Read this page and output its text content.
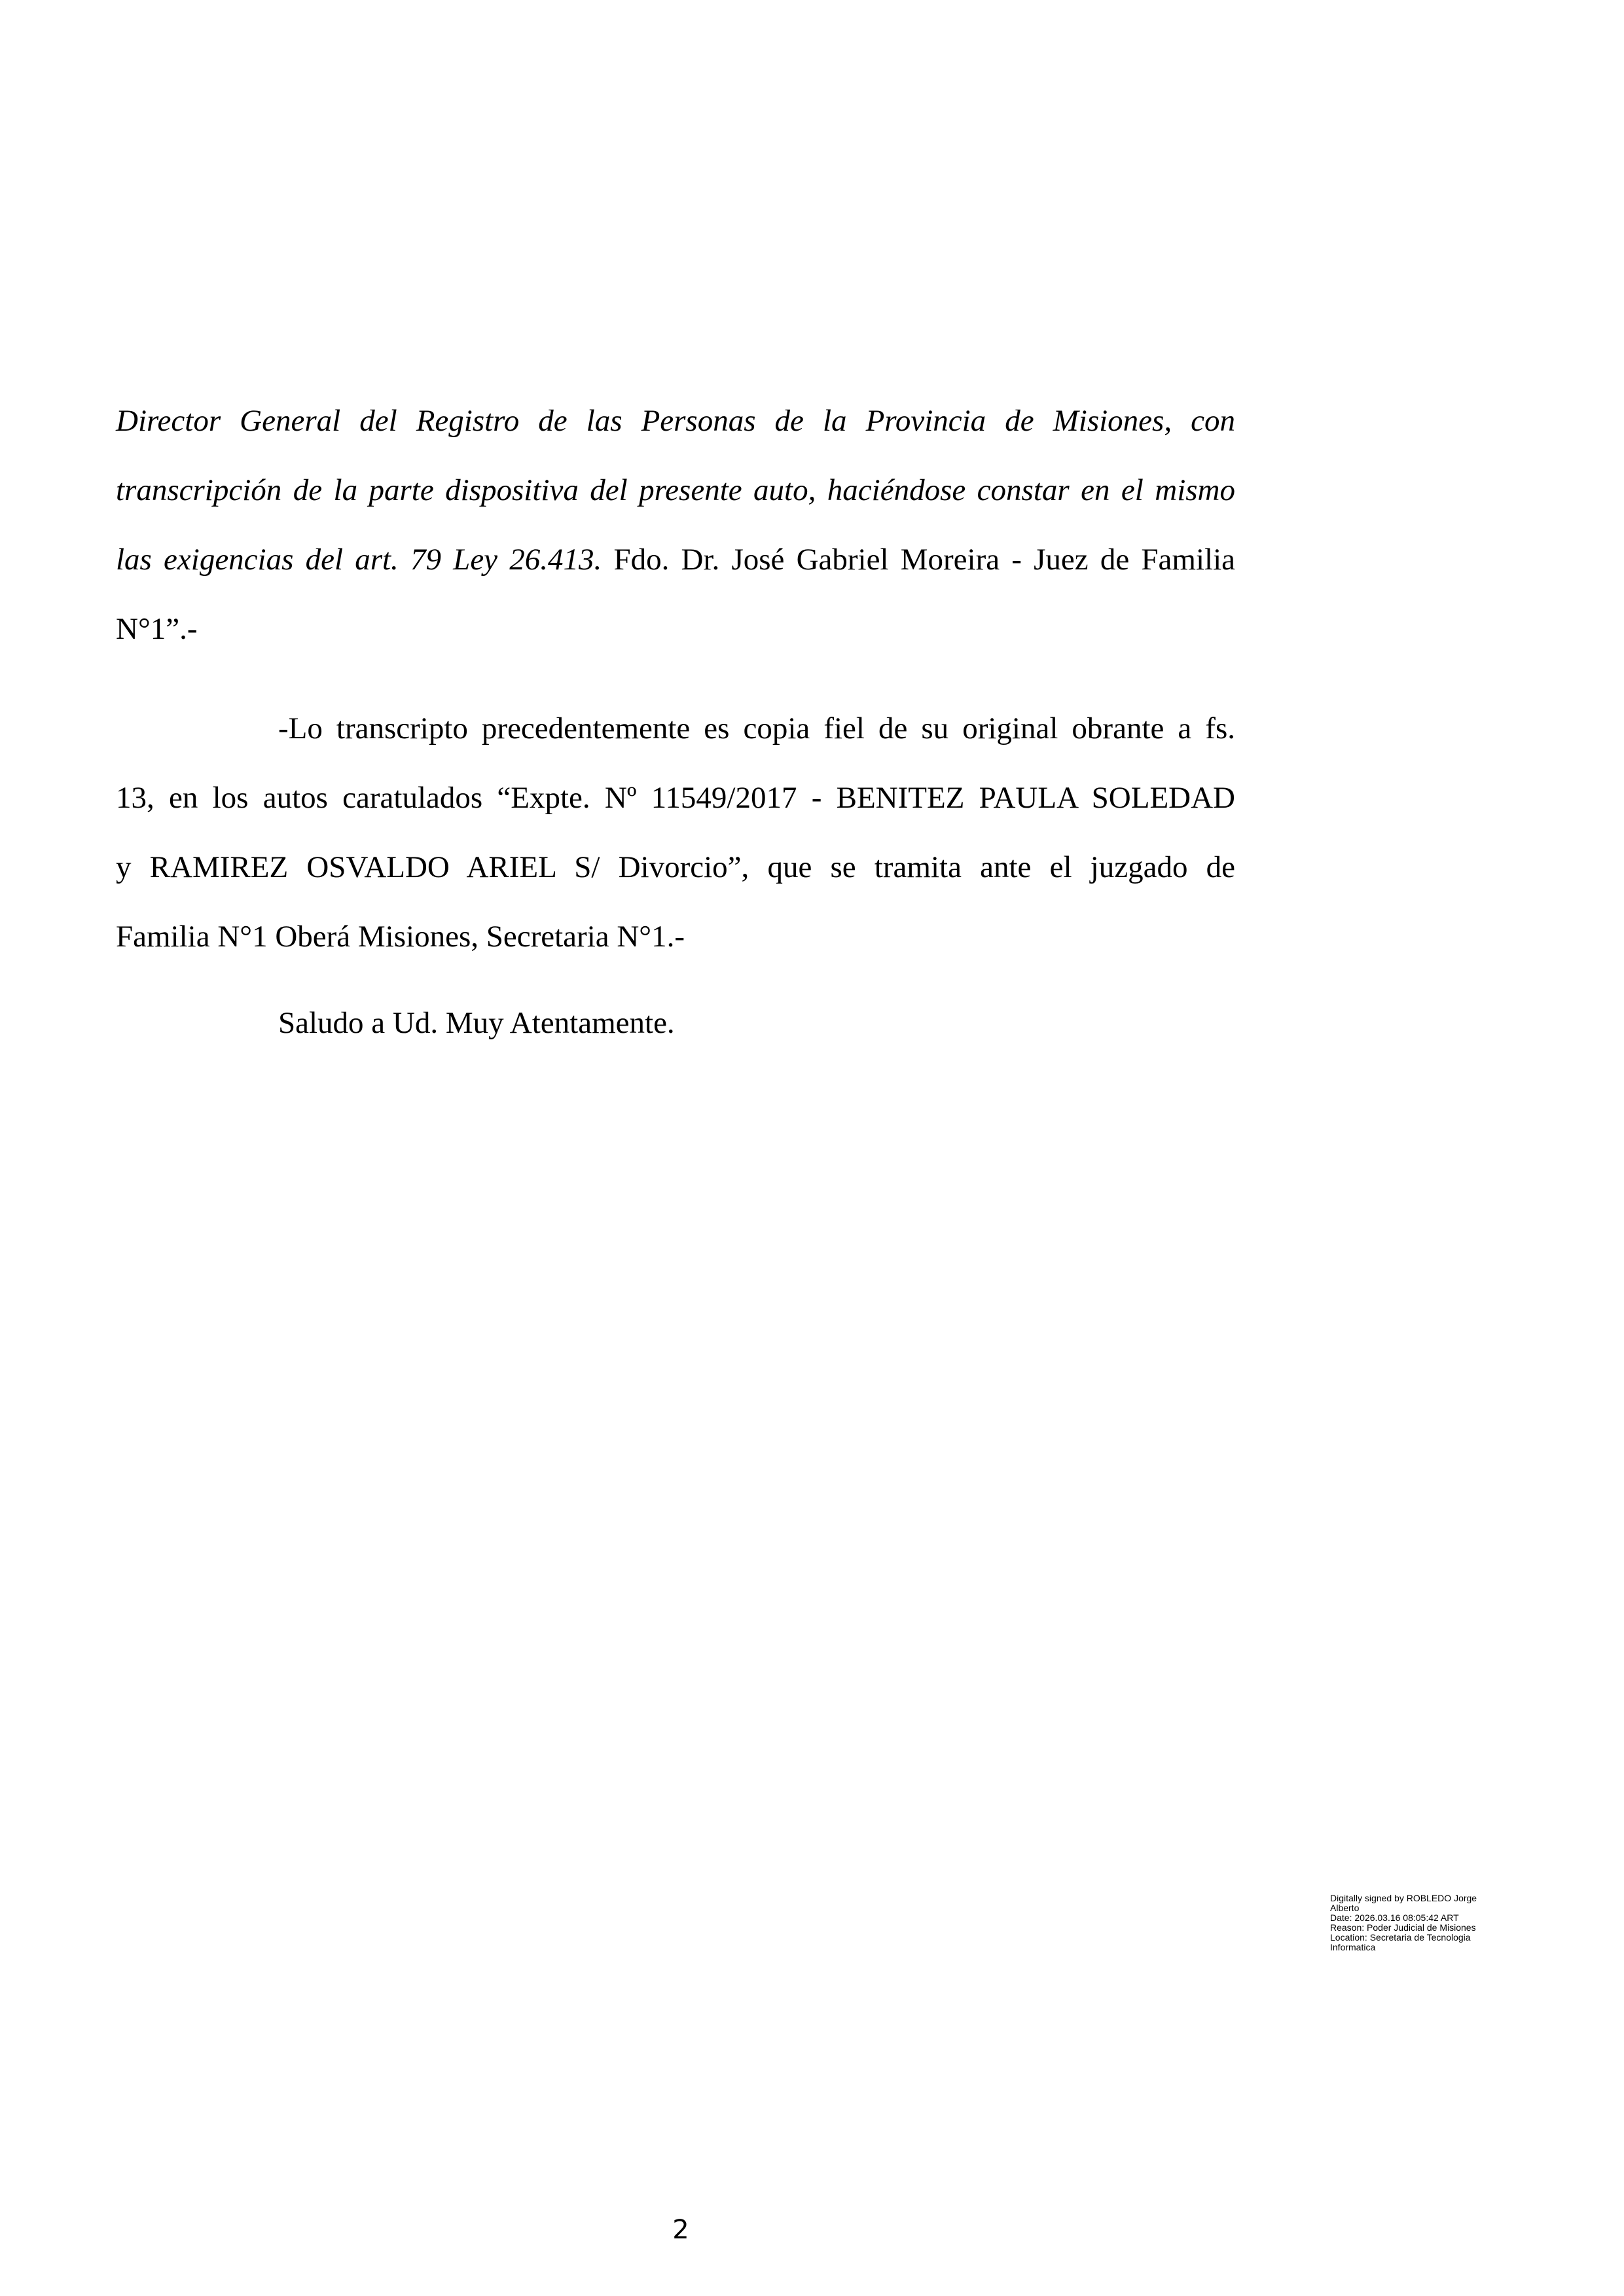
Director General del Registro de las Personas de la Provincia de Misiones, con
transcripción de la parte dispositiva del presente auto, haciéndose constar en el mismo
las exigencias del art. 79 Ley 26.413. Fdo. Dr. José Gabriel Moreira - Juez de Familia
N°1”.-

-Lo transcripto precedentemente es copia fiel de su original obrante a fs.
13, en los autos caratulados “Expte. Nº 11549/2017 - BENITEZ PAULA SOLEDAD
y RAMIREZ OSVALDO ARIEL S/ Divorcio”, que se tramita ante el juzgado de
Familia N°1 Oberá Misiones, Secretaria N°1.-

Saludo a Ud. Muy Atentamente.

Digitally signed by ROBLEDO Jorge
Alberto
Date: 2026.03.16 08:05:42 ART
Reason: Poder Judicial de Misiones
Location: Secretaria de Tecnologia
Informatica
2
